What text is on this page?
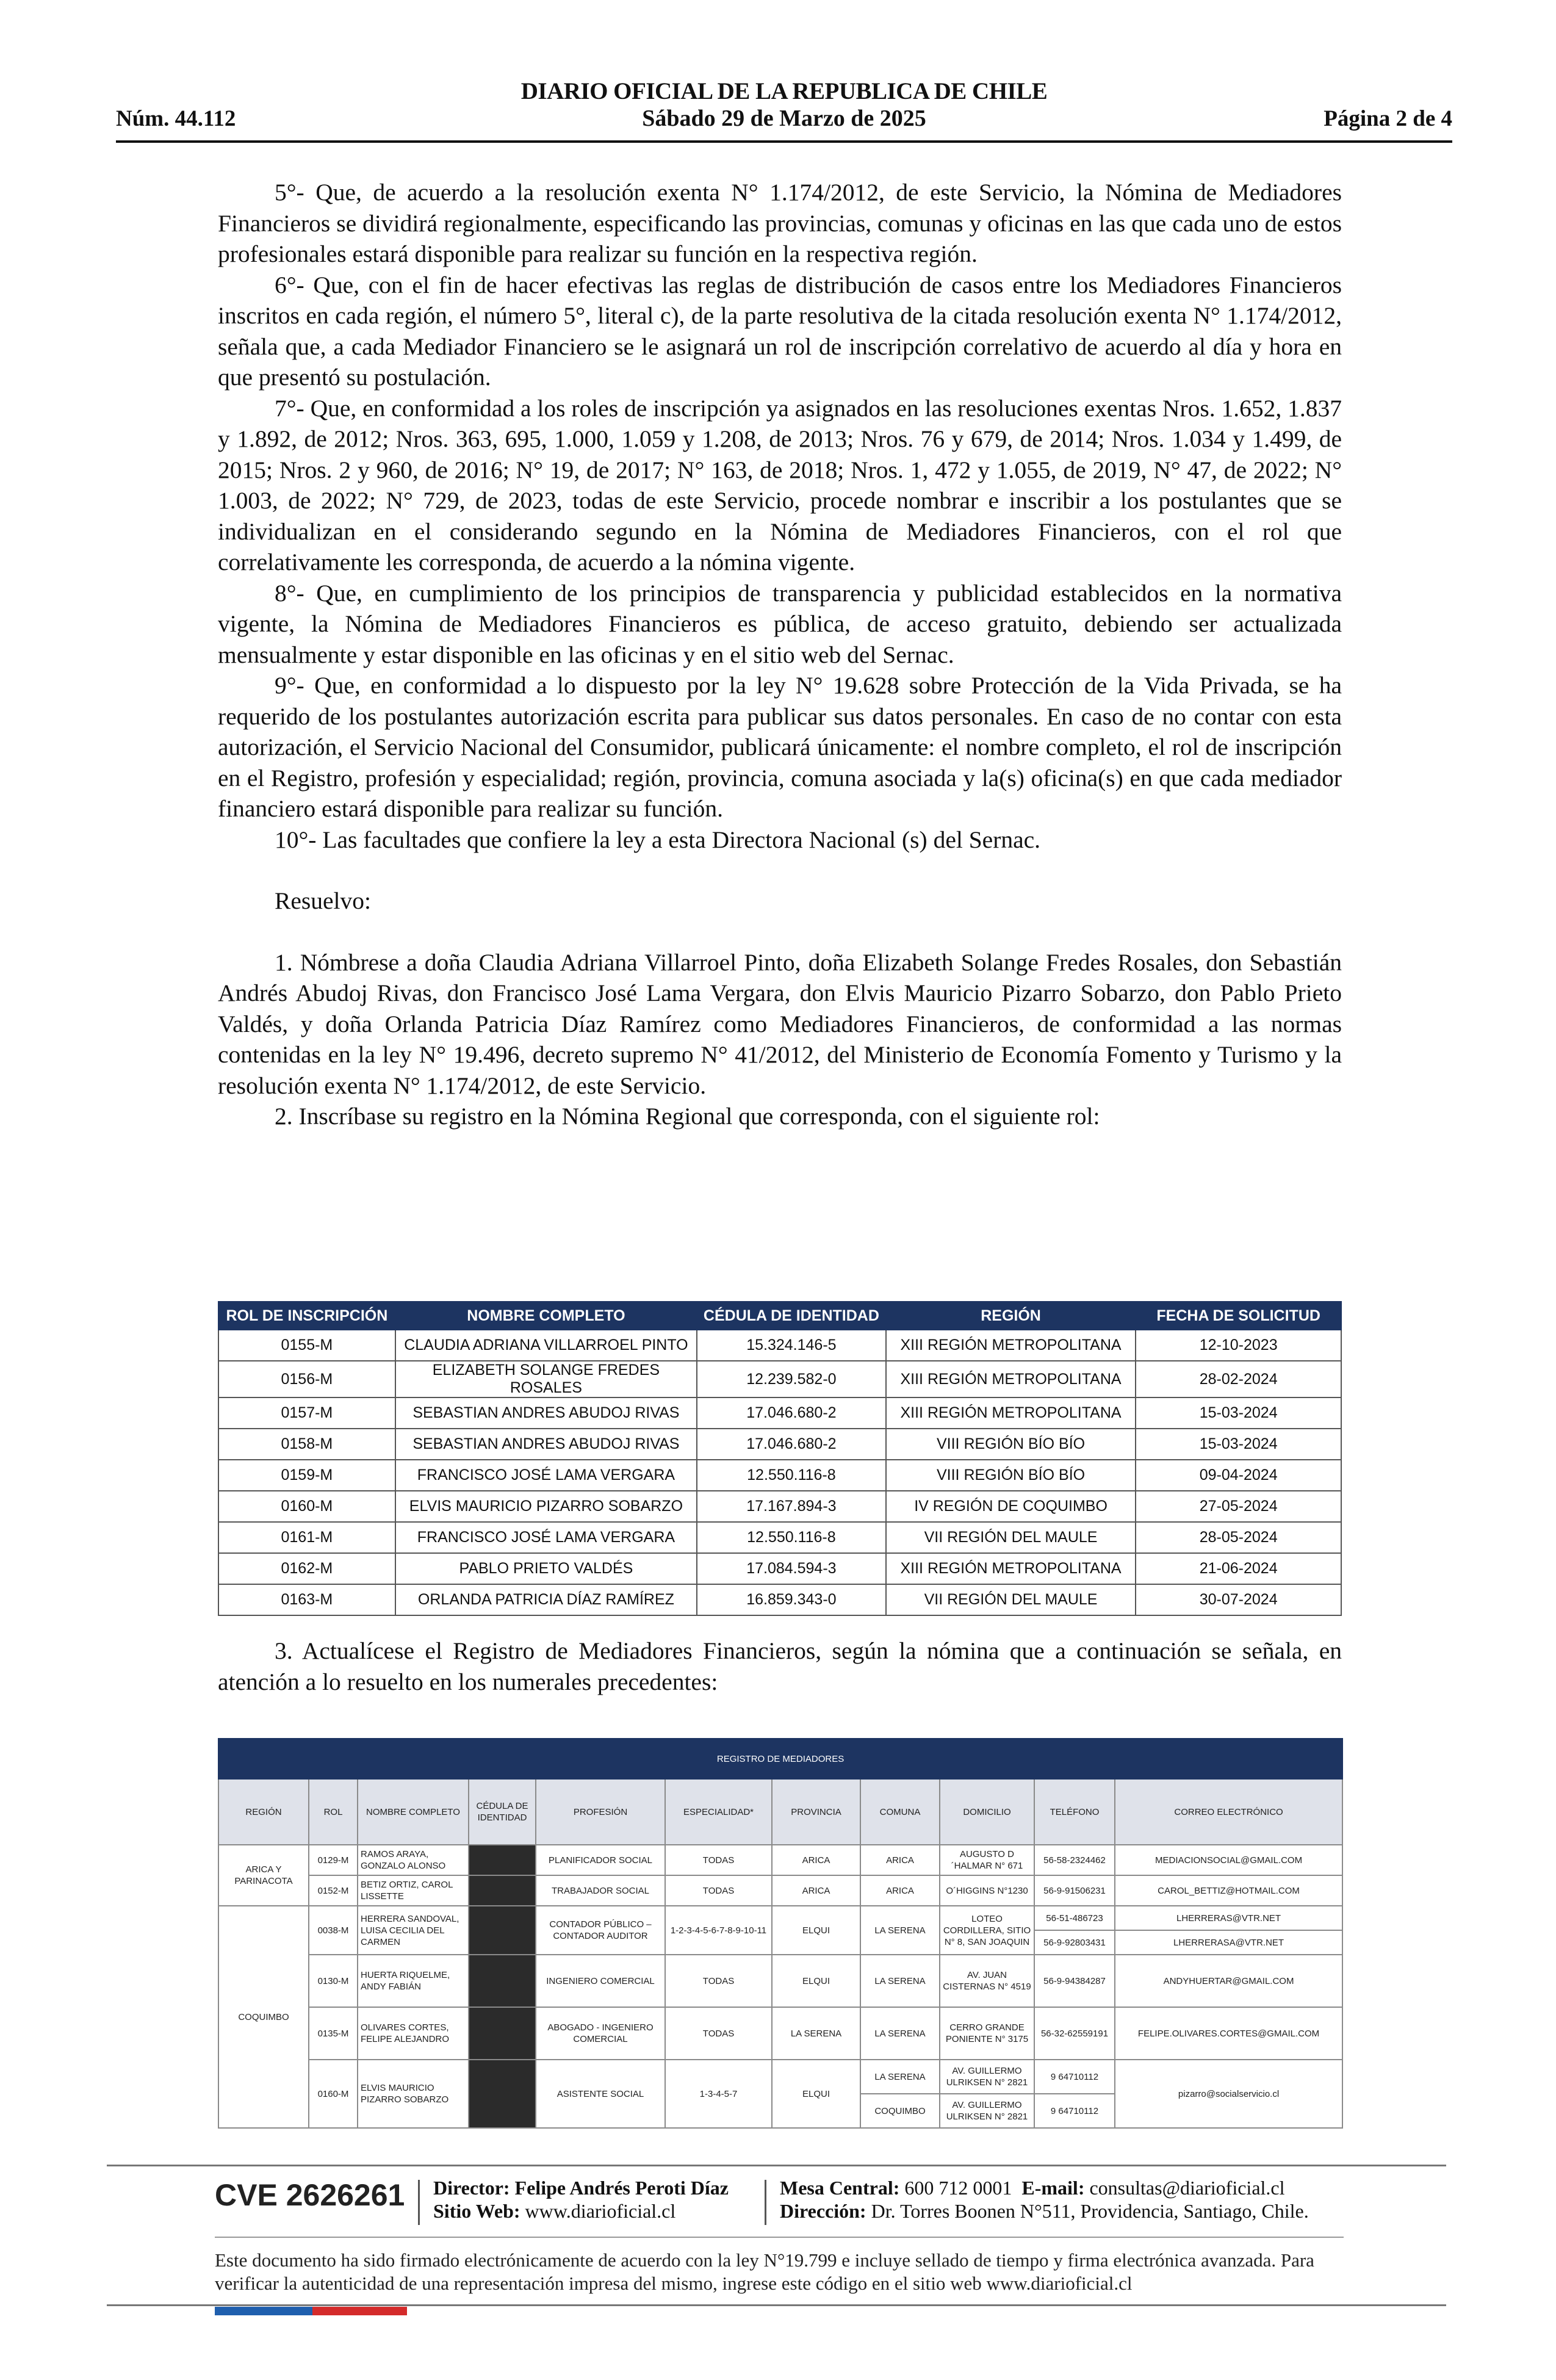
Núm. 44.112
DIARIO OFICIAL DE LA REPUBLICA DE CHILE
Sábado 29 de Marzo de 2025	Página 2 de 4

5°- Que, de acuerdo a la resolución exenta N° 1.174/2012, de este Servicio, la Nómina de Mediadores Financieros se dividirá regionalmente, especificando las provincias, comunas y oficinas en las que cada uno de estos profesionales estará disponible para realizar su función en la respectiva región.

6°- Que, con el fin de hacer efectivas las reglas de distribución de casos entre los Mediadores Financieros inscritos en cada región, el número 5°, literal c), de la parte resolutiva de la citada resolución exenta N° 1.174/2012, señala que, a cada Mediador Financiero se le asignará un rol de inscripción correlativo de acuerdo al día y hora en que presentó su postulación.

7°- Que, en conformidad a los roles de inscripción ya asignados en las resoluciones exentas Nros. 1.652, 1.837 y 1.892, de 2012; Nros. 363, 695, 1.000, 1.059 y 1.208, de 2013; Nros. 76 y 679, de 2014; Nros. 1.034 y 1.499, de 2015; Nros. 2 y 960, de 2016; N° 19, de 2017; N° 163, de 2018; Nros. 1, 472 y 1.055, de 2019, N° 47, de 2022; N° 1.003, de 2022; N° 729, de 2023, todas de este Servicio, procede nombrar e inscribir a los postulantes que se individualizan en el considerando segundo en la Nómina de Mediadores Financieros, con el rol que correlativamente les corresponda, de acuerdo a la nómina vigente.

8°- Que, en cumplimiento de los principios de transparencia y publicidad establecidos en la normativa vigente, la Nómina de Mediadores Financieros es pública, de acceso gratuito, debiendo ser actualizada mensualmente y estar disponible en las oficinas y en el sitio web del Sernac.

9°- Que, en conformidad a lo dispuesto por la ley N° 19.628 sobre Protección de la Vida Privada, se ha requerido de los postulantes autorización escrita para publicar sus datos personales. En caso de no contar con esta autorización, el Servicio Nacional del Consumidor, publicará únicamente: el nombre completo, el rol de inscripción en el Registro, profesión y especialidad; región, provincia, comuna asociada y la(s) oficina(s) en que cada mediador financiero estará disponible para realizar su función.

10°- Las facultades que confiere la ley a esta Directora Nacional (s) del Sernac.

Resuelvo:

1. Nómbrese a doña Claudia Adriana Villarroel Pinto, doña Elizabeth Solange Fredes Rosales, don Sebastián Andrés Abudoj Rivas, don Francisco José Lama Vergara, don Elvis Mauricio Pizarro Sobarzo, don Pablo Prieto Valdés, y doña Orlanda Patricia Díaz Ramírez como Mediadores Financieros, de conformidad a las normas contenidas en la ley N° 19.496, decreto supremo N° 41/2012, del Ministerio de Economía Fomento y Turismo y la resolución exenta N° 1.174/2012, de este Servicio.

2. Inscríbase su registro en la Nómina Regional que corresponda, con el siguiente rol:

ROL DE INSCRIPCIÓN	NOMBRE COMPLETO	CÉDULA DE IDENTIDAD	REGIÓN	FECHA DE SOLICITUD
0155-M	CLAUDIA ADRIANA VILLARROEL PINTO	15.324.146-5	XIII REGIÓN METROPOLITANA	12-10-2023
0156-M	ELIZABETH SOLANGE FREDES ROSALES	12.239.582-0	XIII REGIÓN METROPOLITANA	28-02-2024
0157-M	SEBASTIAN ANDRES ABUDOJ RIVAS	17.046.680-2	XIII REGIÓN METROPOLITANA	15-03-2024
0158-M	SEBASTIAN ANDRES ABUDOJ RIVAS	17.046.680-2	VIII REGIÓN BÍO BÍO	15-03-2024
0159-M	FRANCISCO JOSÉ LAMA VERGARA	12.550.116-8	VIII REGIÓN BÍO BÍO	09-04-2024
0160-M	ELVIS MAURICIO PIZARRO SOBARZO	17.167.894-3	IV REGIÓN DE COQUIMBO	27-05-2024
0161-M	FRANCISCO JOSÉ LAMA VERGARA	12.550.116-8	VII REGIÓN DEL MAULE	28-05-2024
0162-M	PABLO PRIETO VALDÉS	17.084.594-3	XIII REGIÓN METROPOLITANA	21-06-2024
0163-M	ORLANDA PATRICIA DÍAZ RAMÍREZ	16.859.343-0	VII REGIÓN DEL MAULE	30-07-2024

3. Actualícese el Registro de Mediadores Financieros, según la nómina que a continuación se señala, en atención a lo resuelto en los numerales precedentes:

REGISTRO DE MEDIADORES										
REGIÓN	ROL	NOMBRE COMPLETO	CÉDULA DE IDENTIDAD	PROFESIÓN	ESPECIALIDAD*	PROVINCIA	COMUNA	DOMICILIO	TELÉFONO	CORREO ELECTRÓNICO
ARICA Y PARINACOTA	0129-M	RAMOS ARAYA, GONZALO ALONSO		PLANIFICADOR SOCIAL	TODAS	ARICA	ARICA	AUGUSTO D´HALMAR N° 671	56-58-2324462	MEDIACIONSOCIAL@GMAIL.COM
	0152-M	BETIZ ORTIZ, CAROL LISSETTE		TRABAJADOR SOCIAL	TODAS	ARICA	ARICA	O´HIGGINS N°1230	56-9-91506231	CAROL_BETTIZ@HOTMAIL.COM
COQUIMBO	0038-M	HERRERA SANDOVAL, LUISA CECILIA DEL CARMEN		CONTADOR PÚBLICO – CONTADOR AUDITOR	1-2-3-4-5-6-7-8-9-10-11	ELQUI	LA SERENA	LOTEO CORDILLERA, SITIO N° 8, SAN JOAQUIN	56-51-486723	LHERRERAS@VTR.NET
									56-9-92803431	LHERRERASA@VTR.NET
	0130-M	HUERTA RIQUELME, ANDY FABIÁN		INGENIERO COMERCIAL	TODAS	ELQUI	LA SERENA	AV. JUAN CISTERNAS N° 4519	56-9-94384287	ANDYHUERTAR@GMAIL.COM

	0135-M	OLIVARES CORTES, FELIPE ALEJANDRO		ABOGADO - INGENIERO COMERCIAL	TODAS	LA SERENA	LA SERENA	CERRO GRANDE PONIENTE N° 3175	56-32-62559191	FELIPE.OLIVARES.CORTES@GMAIL.COM

	0160-M	ELVIS MAURICIO PIZARRO SOBARZO		ASISTENTE SOCIAL	1-3-4-5-7	ELQUI	LA SERENA	AV. GUILLERMO ULRIKSEN N° 2821	9 64710112	pizarro@socialservicio.cl
							COQUIMBO	AV. GUILLERMO ULRIKSEN N° 2821	9 64710112	
CVE 2626261 Director: Felipe Andrés Peroti Díaz
Sitio Web: www.diarioficial.cl
Mesa Central: 600 712 0001 E-mail: consultas@diarioficial.cl
Dirección: Dr. Torres Boonen N°511, Providencia, Santiago, Chile.
Este documento ha sido firmado electrónicamente de acuerdo con la ley N°19.799 e incluye sellado de tiempo y firma electrónica avanzada. Para verificar la autenticidad de una representación impresa del mismo, ingrese este código en el sitio web www.diarioficial.cl
